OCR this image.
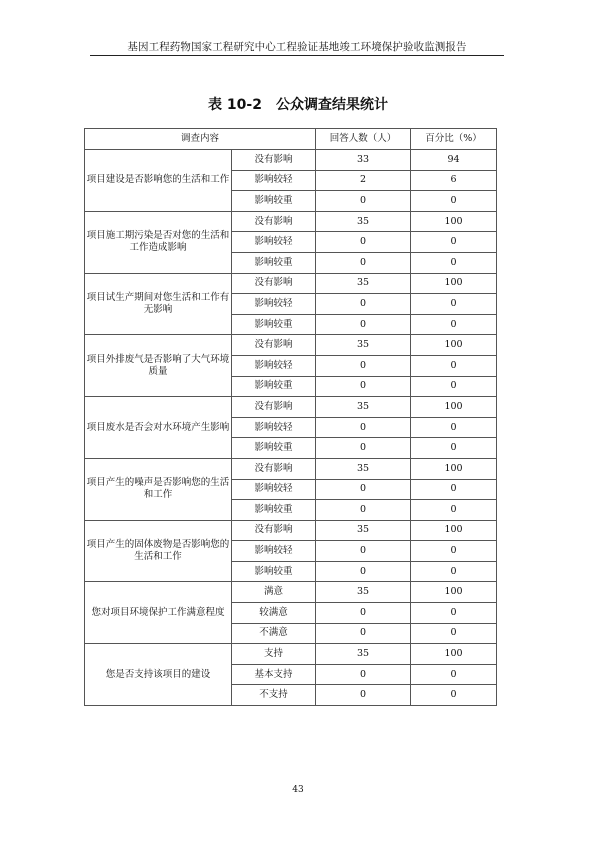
基因工程药物国家工程研究中心工程验证基地竣工环境保护验收监测报告
表 10-2 公众调查结果统计
调查内容		回答人数（人）	百分比（%）
项目建设是否影响您的生活和工作	没有影响	33	94
	影响较轻	2	6
	影响较重	0	0
项目施工期污染是否对您的生活和工作造成影响	没有影响	35	100
	影响较轻	0	0
	影响较重	0	0
项目试生产期间对您生活和工作有无影响	没有影响	35	100
	影响较轻	0	0
	影响较重	0	0
项目外排废气是否影响了大气环境质量	没有影响	35	100
	影响较轻	0	0
	影响较重	0	0
项目废水是否会对水环境产生影响	没有影响	35	100
	影响较轻	0	0
	影响较重	0	0
项目产生的噪声是否影响您的生活和工作	没有影响	35	100
	影响较轻	0	0
	影响较重	0	0
项目产生的固体废物是否影响您的生活和工作	没有影响	35	100
	影响较轻	0	0
	影响较重	0	0
您对项目环境保护工作满意程度	满意	35	100
	较满意	0	0
	不满意	0	0
您是否支持该项目的建设	支持	35	100
	基本支持	0	0
	不支持	0	0
43
